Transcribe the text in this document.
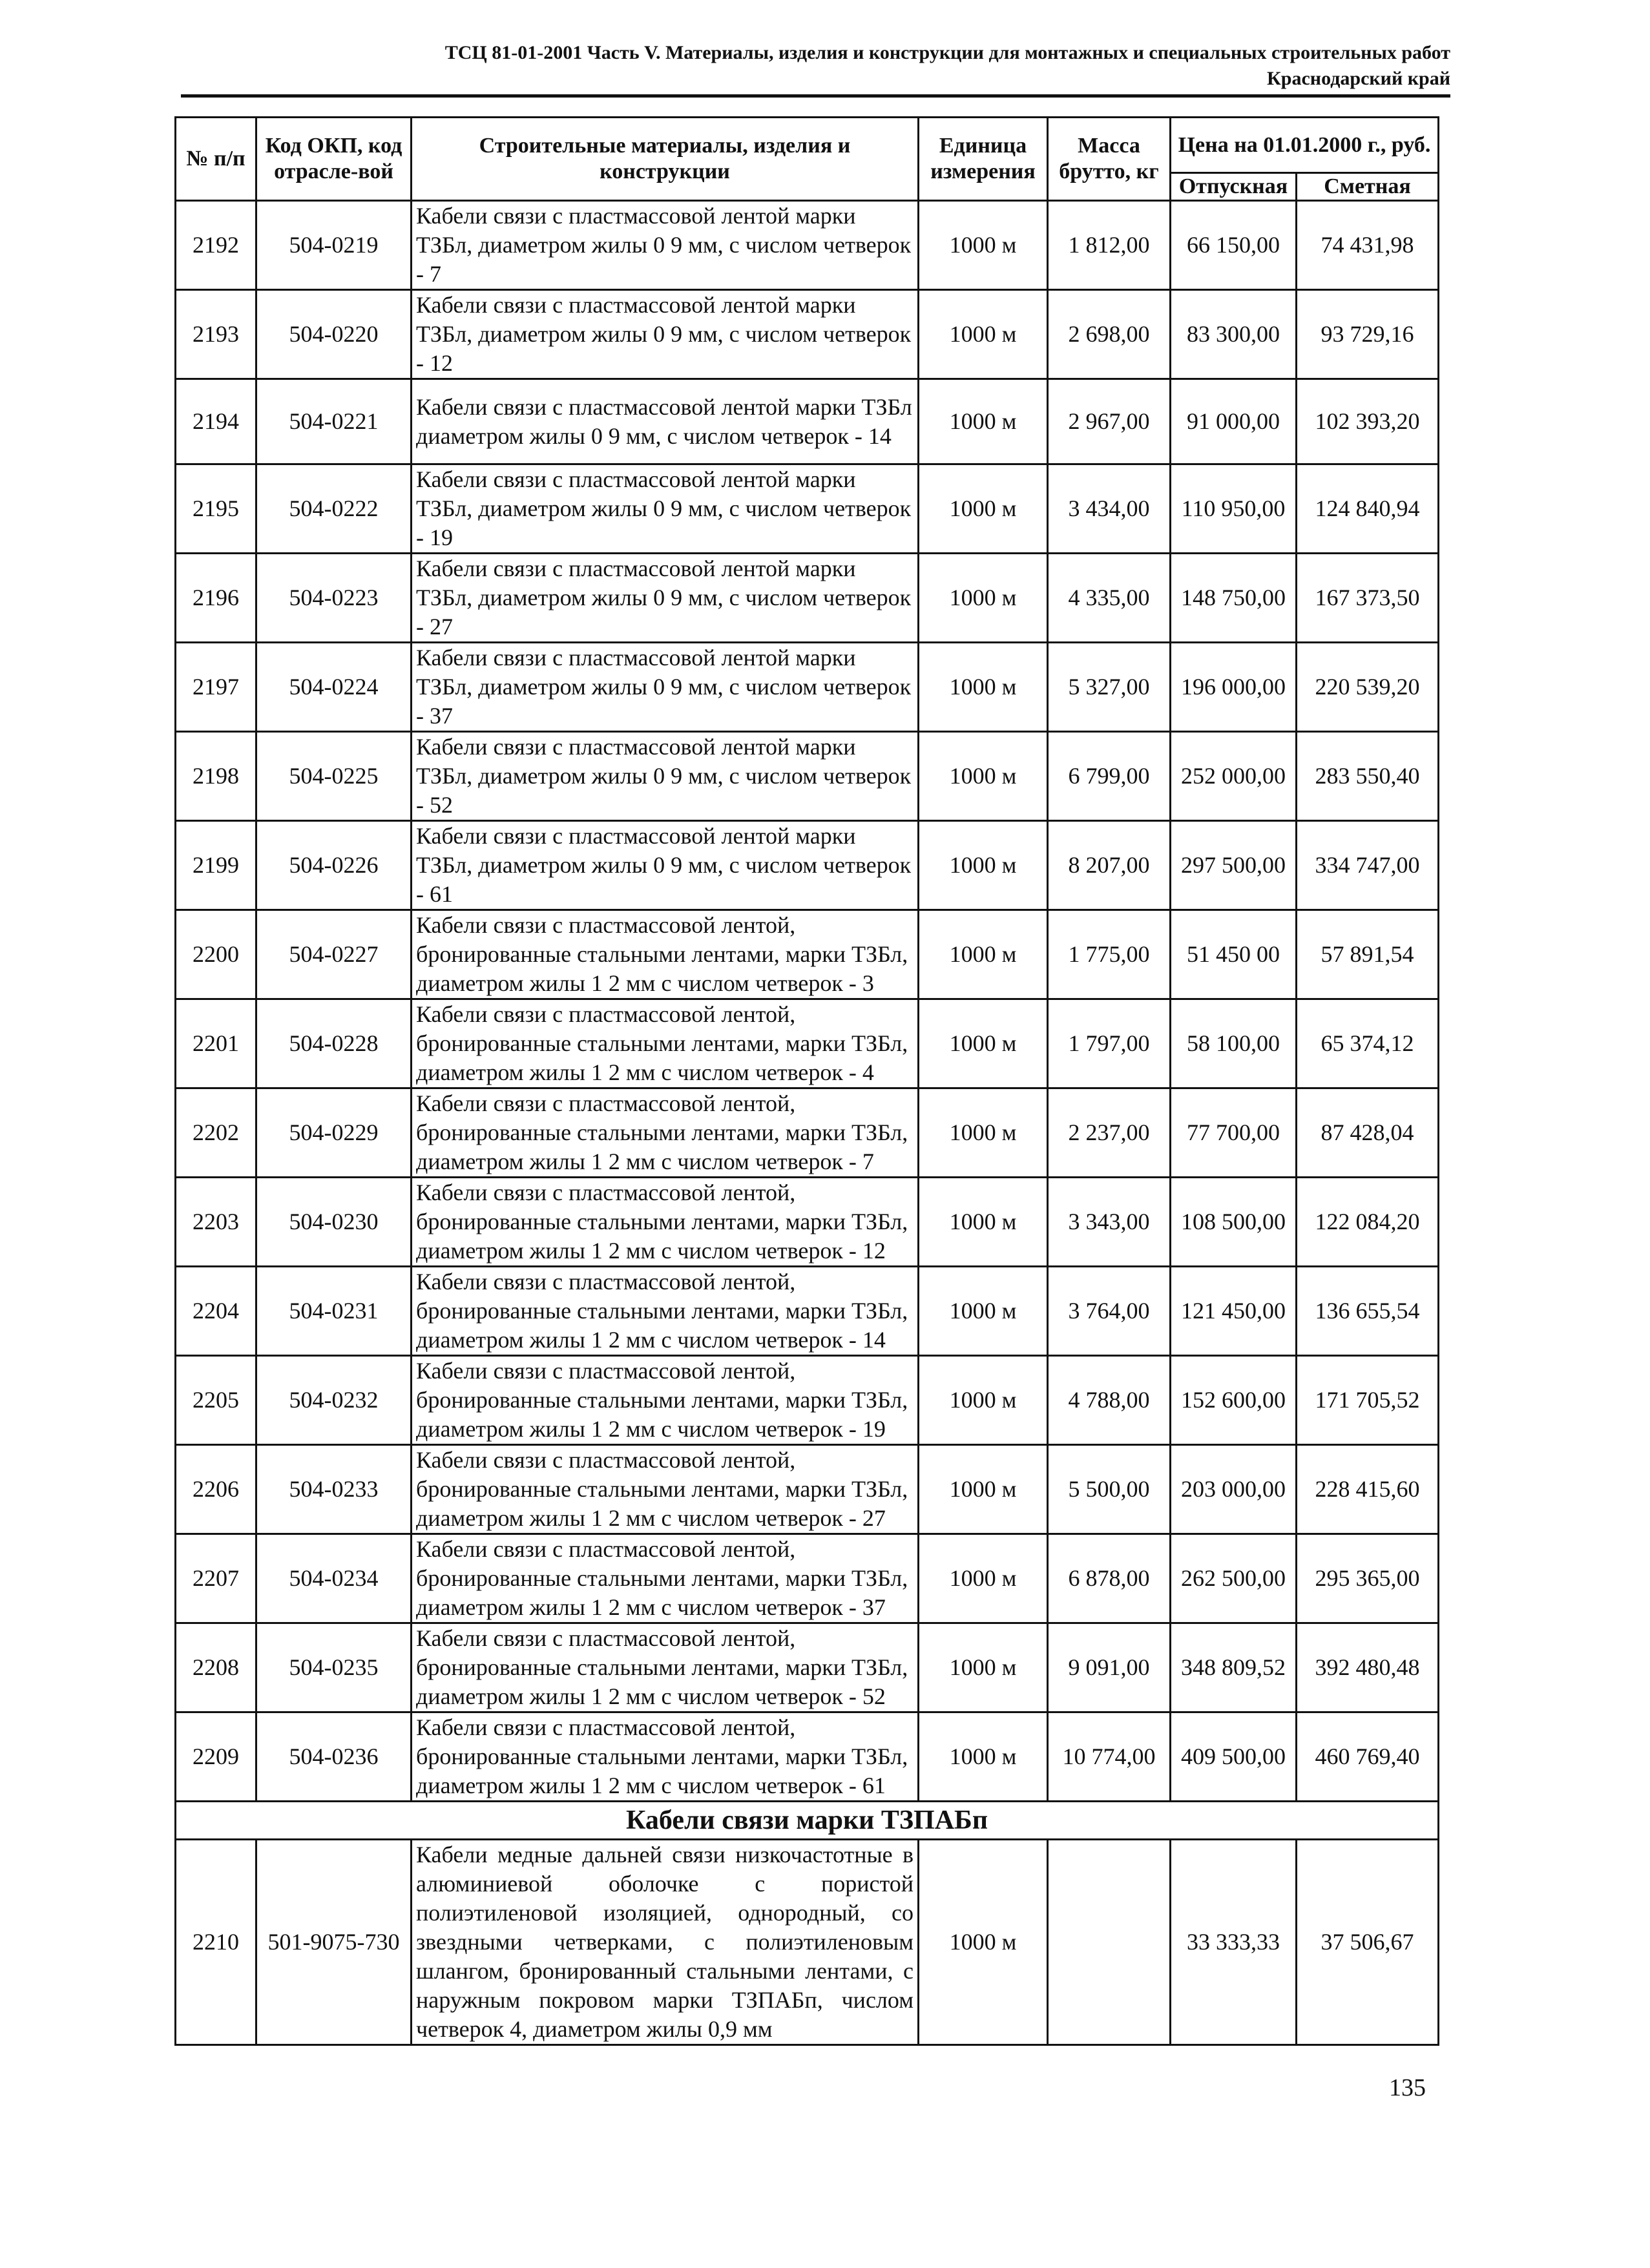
ТСЦ 81-01-2001 Часть V. Материалы, изделия и конструкции для монтажных и специальных строительных работ
Краснодарский край
№ п/п	Код ОКП, код отрасле-вой	Строительные материалы, изделия и конструкции	Единица измерения	Масса брутто, кг	Цена на 01.01.2000 г., руб.	
					Отпускная	Сметная
2192	504-0219	Кабели связи с пластмассовой лентой марки ТЗБл, диаметром жилы 0 9 мм, с числом четверок - 7	1000 м	1 812,00	66 150,00	74 431,98
2193	504-0220	Кабели связи с пластмассовой лентой марки ТЗБл, диаметром жилы 0 9 мм, с числом четверок - 12	1000 м	2 698,00	83 300,00	93 729,16
2194	504-0221	Кабели связи с пластмассовой лентой марки ТЗБл диаметром жилы 0 9 мм, с числом четверок - 14	1000 м	2 967,00	91 000,00	102 393,20
2195	504-0222	Кабели связи с пластмассовой лентой марки ТЗБл, диаметром жилы 0 9 мм, с числом четверок - 19	1000 м	3 434,00	110 950,00	124 840,94
2196	504-0223	Кабели связи с пластмассовой лентой марки ТЗБл, диаметром жилы 0 9 мм, с числом четверок - 27	1000 м	4 335,00	148 750,00	167 373,50
2197	504-0224	Кабели связи с пластмассовой лентой марки ТЗБл, диаметром жилы 0 9 мм, с числом четверок - 37	1000 м	5 327,00	196 000,00	220 539,20
2198	504-0225	Кабели связи с пластмассовой лентой марки ТЗБл, диаметром жилы 0 9 мм, с числом четверок - 52	1000 м	6 799,00	252 000,00	283 550,40
2199	504-0226	Кабели связи с пластмассовой лентой марки ТЗБл, диаметром жилы 0 9 мм, с числом четверок - 61	1000 м	8 207,00	297 500,00	334 747,00
2200	504-0227	Кабели связи с пластмассовой лентой, бронированные стальными лентами, марки ТЗБл, диаметром жилы 1 2 мм с числом четверок - 3	1000 м	1 775,00	51 450 00	57 891,54
2201	504-0228	Кабели связи с пластмассовой лентой, бронированные стальными лентами, марки ТЗБл, диаметром жилы 1 2 мм с числом четверок - 4	1000 м	1 797,00	58 100,00	65 374,12
2202	504-0229	Кабели связи с пластмассовой лентой, бронированные стальными лентами, марки ТЗБл, диаметром жилы 1 2 мм с числом четверок - 7	1000 м	2 237,00	77 700,00	87 428,04
2203	504-0230	Кабели связи с пластмассовой лентой, бронированные стальными лентами, марки ТЗБл, диаметром жилы 1 2 мм с числом четверок - 12	1000 м	3 343,00	108 500,00	122 084,20
2204	504-0231	Кабели связи с пластмассовой лентой, бронированные стальными лентами, марки ТЗБл, диаметром жилы 1 2 мм с числом четверок - 14	1000 м	3 764,00	121 450,00	136 655,54
2205	504-0232	Кабели связи с пластмассовой лентой, бронированные стальными лентами, марки ТЗБл, диаметром жилы 1 2 мм с числом четверок - 19	1000 м	4 788,00	152 600,00	171 705,52
2206	504-0233	Кабели связи с пластмассовой лентой, бронированные стальными лентами, марки ТЗБл, диаметром жилы 1 2 мм с числом четверок - 27	1000 м	5 500,00	203 000,00	228 415,60
2207	504-0234	Кабели связи с пластмассовой лентой, бронированные стальными лентами, марки ТЗБл, диаметром жилы 1 2 мм с числом четверок - 37	1000 м	6 878,00	262 500,00	295 365,00
2208	504-0235	Кабели связи с пластмассовой лентой, бронированные стальными лентами, марки ТЗБл, диаметром жилы 1 2 мм с числом четверок - 52	1000 м	9 091,00	348 809,52	392 480,48
2209	504-0236	Кабели связи с пластмассовой лентой, бронированные стальными лентами, марки ТЗБл, диаметром жилы 1 2 мм с числом четверок - 61	1000 м	10 774,00	409 500,00	460 769,40
Кабели связи марки ТЗПАБп						
2210	501-9075-730	Кабели медные дальней связи низкочастотные в алюминиевой оболочке с пористой полиэтиленовой изоляцией, однородный, со звездными четверками, с полиэтиленовым шлангом, бронированный стальными лентами, с наружным покровом марки ТЗПАБп, числом четверок 4, диаметром жилы 0,9 мм	1000 м		33 333,33	37 506,67
135
